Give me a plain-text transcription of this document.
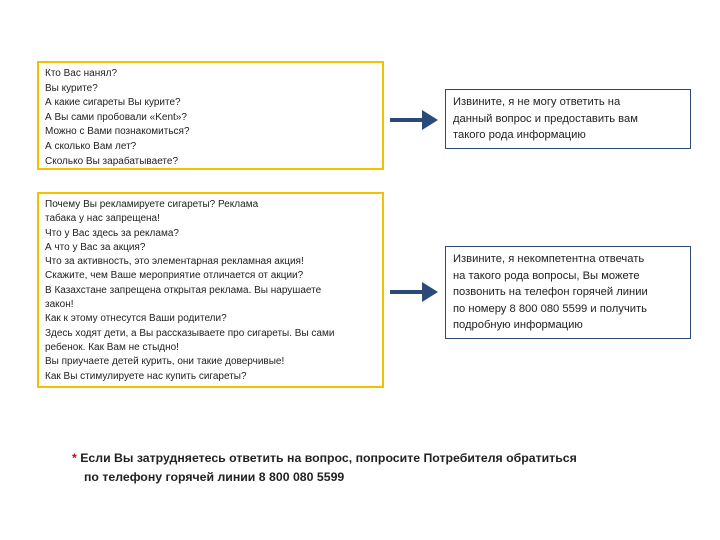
Кто Вас нанял?
Вы курите?
А какие сигареты Вы курите?
А Вы сами пробовали «Kent»?
Можно с Вами познакомиться?
А сколько Вам лет?
Сколько Вы зарабатываете?
Извините, я не могу ответить на
данный вопрос и предоставить вам
такого рода информацию
Почему Вы рекламируете сигареты? Реклама
табака у нас запрещена!
Что у Вас здесь за реклама?
А что у Вас за акция?
Что за активность, это элементарная рекламная акция!
Скажите, чем Ваше мероприятие отличается от акции?
В Казахстане запрещена открытая реклама. Вы нарушаете
закон!
Как к этому отнесутся Ваши родители?
Здесь ходят дети, а Вы рассказываете про сигареты. Вы сами
ребенок. Как Вам не стыдно!
Вы приучаете детей курить, они такие доверчивые!
Как Вы стимулируете нас купить сигареты?
Извините, я некомпетентна отвечать
на такого рода вопросы, Вы можете
позвонить на телефон горячей линии
по номеру 8 800 080 5599 и получить
подробную информацию
* Если Вы затрудняетесь ответить на вопрос, попросите Потребителя обратиться
по телефону горячей линии 8 800 080 5599
